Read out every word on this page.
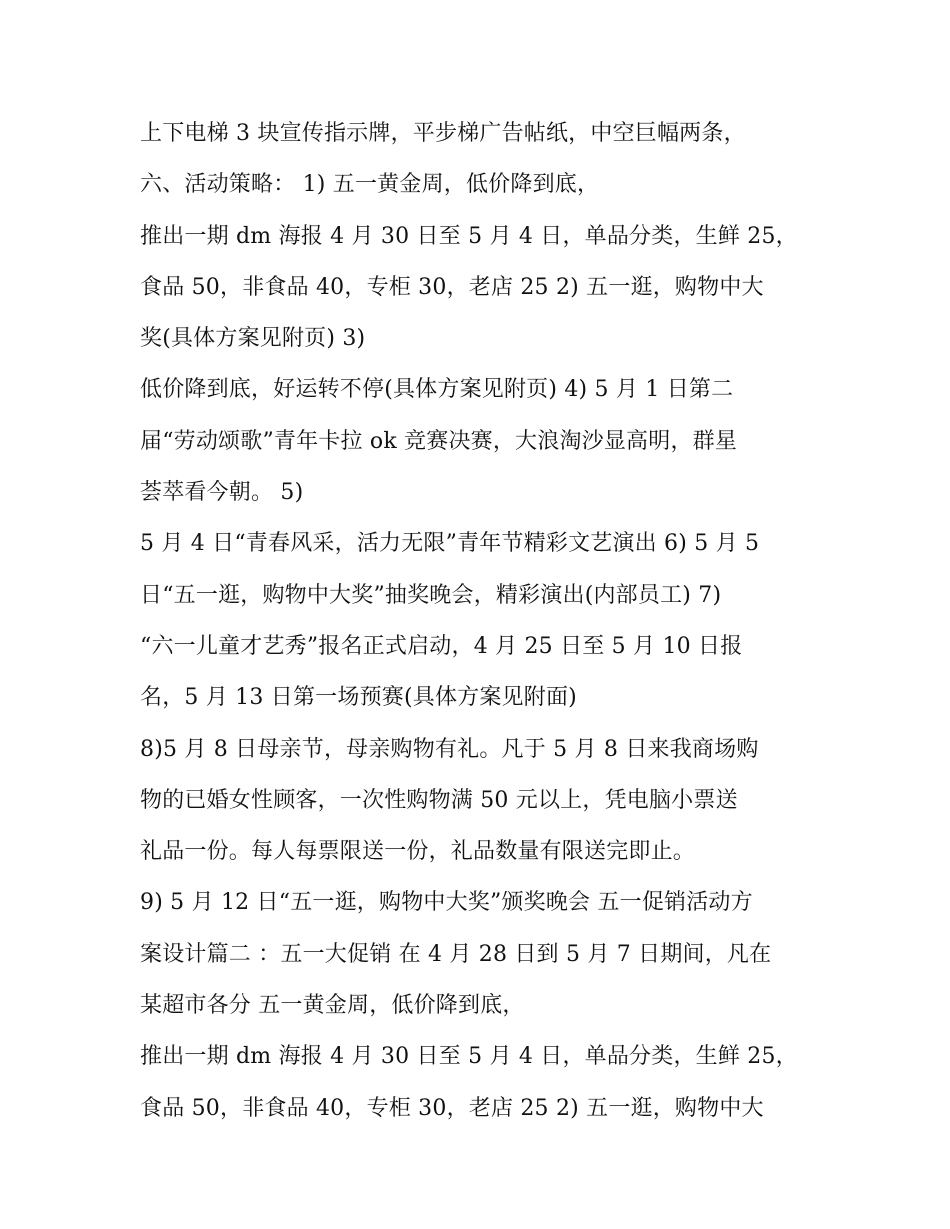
上下电梯 3 块宣传指示牌，平步梯广告帖纸，中空巨幅两条，
六、活动策略： 1) 五一黄金周，低价降到底，
推出一期 dm 海报 4 月 30 日至 5 月 4 日，单品分类，生鲜 25，
食品 50，非食品 40，专柜 30，老店 25 2) 五一逛，购物中大
奖(具体方案见附页) 3)
低价降到底，好运转不停(具体方案见附页) 4) 5 月 1 日第二
届“劳动颂歌”青年卡拉 ok 竞赛决赛，大浪淘沙显高明，群星
荟萃看今朝。 5)
5 月 4 日“青春风采，活力无限”青年节精彩文艺演出 6) 5 月 5
日“五一逛，购物中大奖”抽奖晚会，精彩演出(内部员工) 7)
“六一儿童才艺秀”报名正式启动，4 月 25 日至 5 月 10 日报
名，5 月 13 日第一场预赛(具体方案见附面)
8)5 月 8 日母亲节，母亲购物有礼。凡于 5 月 8 日来我商场购
物的已婚女性顾客，一次性购物满 50 元以上，凭电脑小票送
礼品一份。每人每票限送一份，礼品数量有限送完即止。
9) 5 月 12 日“五一逛，购物中大奖”颁奖晚会 五一促销活动方
案设计篇二 ：五一大促销 在 4 月 28 日到 5 月 7 日期间，凡在
某超市各分 五一黄金周，低价降到底，
推出一期 dm 海报 4 月 30 日至 5 月 4 日，单品分类，生鲜 25，
食品 50，非食品 40，专柜 30，老店 25 2) 五一逛，购物中大
